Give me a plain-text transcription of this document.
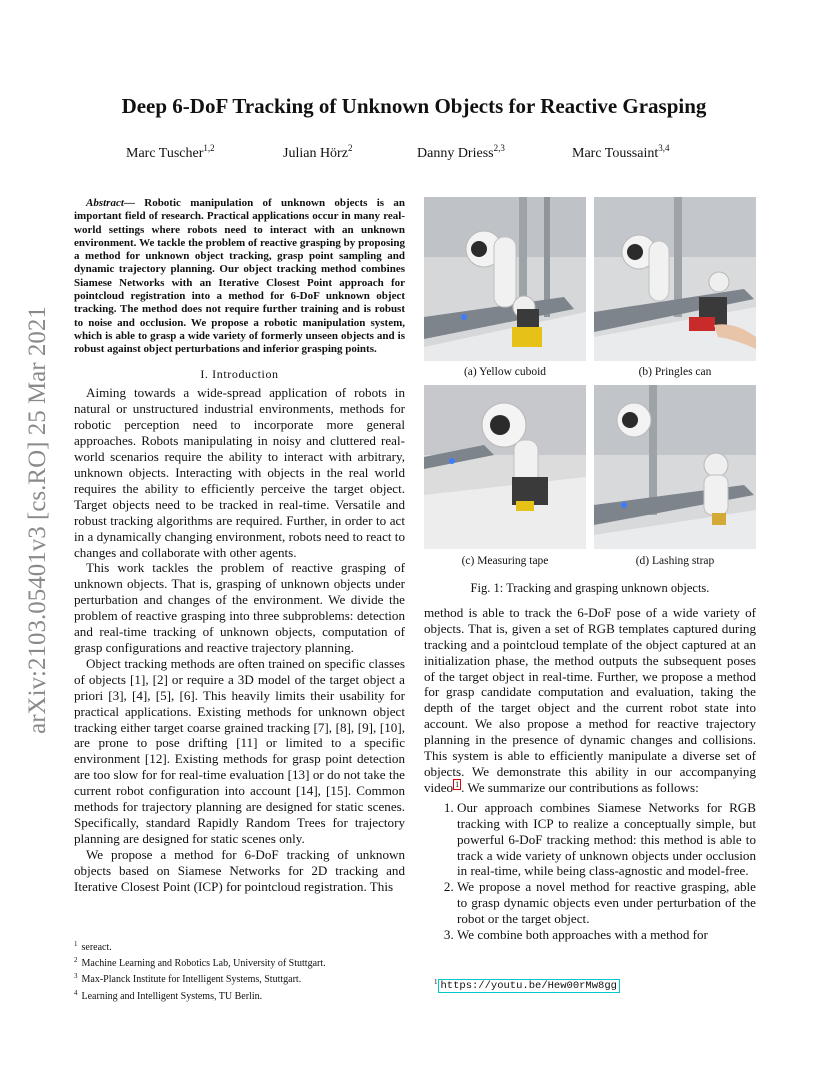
arXiv:2103.05401v3 [cs.RO] 25 Mar 2021
Deep 6-DoF Tracking of Unknown Objects for Reactive Grasping
Marc Tuscher$^{1,2}$	Julian Hörz$^2$	Danny Driess$^{2,3}$	Marc Toussaint$^{3,4}$

Abstract— Robotic manipulation of unknown objects is an important field of research. Practical applications occur in many real-world settings where robots need to interact with an unknown environment. We tackle the problem of reactive grasping by proposing a method for unknown object tracking, grasp point sampling and dynamic trajectory planning. Our object tracking method combines Siamese Networks with an Iterative Closest Point approach for pointcloud registration into a method for 6-DoF unknown object tracking. The method does not require further training and is robust to noise and occlusion. We propose a robotic manipulation system, which is able to grasp a wide variety of formerly unseen objects and is robust against object perturbations and inferior grasping points.

I. Introduction

Aiming towards a wide-spread application of robots in natural or unstructured industrial environments, methods for robotic perception need to incorporate more general approaches. Robots manipulating in noisy and cluttered real-world scenarios require the ability to interact with arbitrary, unknown objects. Interacting with objects in the real world requires the ability to efficiently perceive the target object. Target objects need to be tracked in real-time. Versatile and robust tracking algorithms are required. Further, in order to act in a dynamically changing environment, robots need to react to changes and collaborate with other agents.

This work tackles the problem of reactive grasping of unknown objects. That is, grasping of unknown objects under perturbation and changes of the environment. We divide the problem of reactive grasping into three subproblems: detection and real-time tracking of unknown objects, computation of grasp configurations and reactive trajectory planning.

Object tracking methods are often trained on specific classes of objects [1], [2] or require a 3D model of the target object a priori [3], [4], [5], [6]. This heavily limits their usability for practical applications. Existing methods for unknown object tracking either target coarse grained tracking [7], [8], [9], [10], are prone to pose drifting [11] or limited to a specific environment [12]. Existing methods for grasp point detection are too slow for for real-time evaluation [13] or do not take the current robot configuration into account [14], [15]. Common methods for trajectory planning are designed for static scenes. Specifically, standard Rapidly Random Trees for trajectory planning are designed for static scenes only.

We propose a method for 6-DoF tracking of unknown objects based on Siamese Networks for 2D tracking and Iterative Closest Point (ICP) for pointcloud registration. This

(a) Yellow cuboid	(b) Pringles can
(c) Measuring tape	(d) Lashing strap
Fig. 1: Tracking and grasping unknown objects.

method is able to track the 6-DoF pose of a wide variety of objects. That is, given a set of RGB templates captured during tracking and a pointcloud template of the object captured at an initialization phase, the method outputs the subsequent poses of the target object in real-time. Further, we propose a method for grasp candidate computation and evaluation, taking the depth of the target object and the current robot state into account. We also propose a method for reactive trajectory planning in the presence of dynamic changes and collisions. This system is able to efficiently manipulate a diverse set of objects. We demonstrate this ability in our accompanying video $^1$ . We summarize our contributions as follows:

1. Our approach combines Siamese Networks for RGB tracking with ICP to realize a conceptually simple, but powerful 6-DoF tracking method: this method is able to track a wide variety of unknown objects under occlusion in real-time, while being class-agnostic and model-free.
2. We propose a novel method for reactive grasping, able to grasp dynamic objects even under perturbation of the robot or the target object.
3. We combine both approaches with a method for
$^1$ sereact.
$^2$ Machine Learning and Robotics Lab, University of Stuttgart.
$^3$ Max-Planck Institute for Intelligent Systems, Stuttgart.
$^4$ Learning and Intelligent Systems, TU Berlin.
$^1$ https://youtu.be/Hew00rMw8gg
